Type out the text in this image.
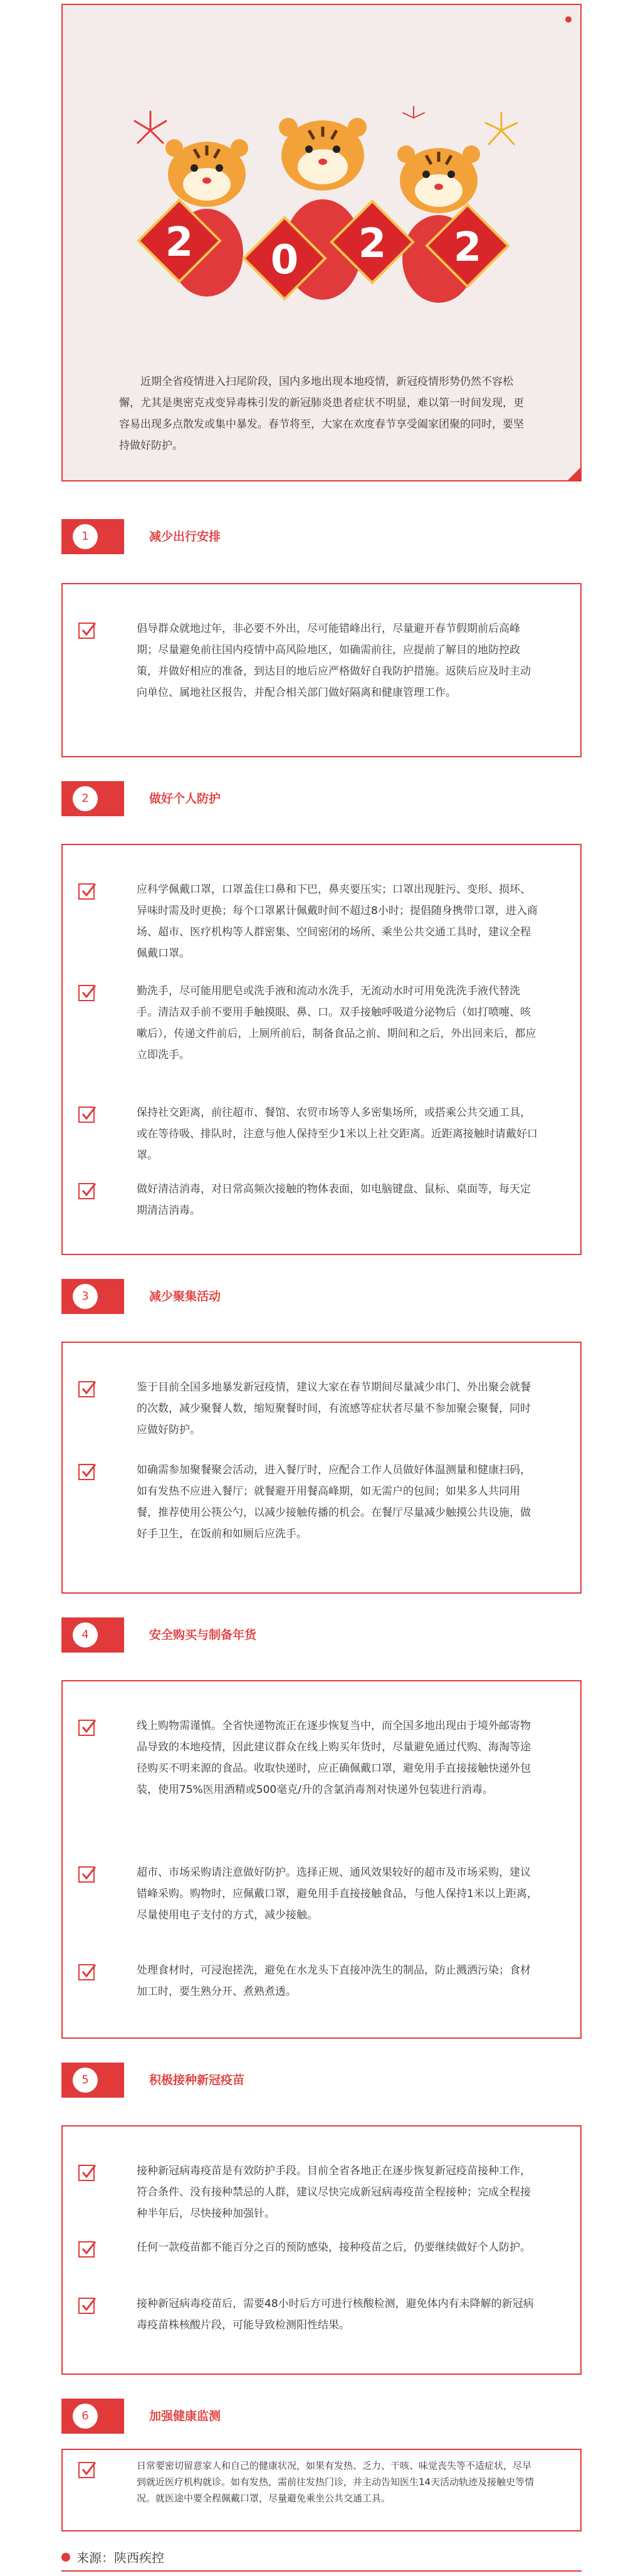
2 0 2 2

近期全省疫情进入扫尾阶段，国内多地出现本地疫情，新冠疫情形势仍然不容松懈，尤其是奥密克戎变异毒株引发的新冠肺炎患者症状不明显，难以第一时间发现，更容易出现多点散发或集中暴发。春节将至，大家在欢度春节享受阖家团聚的同时，要坚持做好防护。

1	减少出行安排

倡导群众就地过年，非必要不外出，尽可能错峰出行，尽量避开春节假期前后高峰期；尽量避免前往国内疫情中高风险地区，如确需前往，应提前了解目的地防控政策，并做好相应的准备，到达目的地后应严格做好自我防护措施。返陕后应及时主动向单位、属地社区报告，并配合相关部门做好隔离和健康管理工作。

2	做好个人防护

应科学佩戴口罩，口罩盖住口鼻和下巴，鼻夹要压实；口罩出现脏污、变形、损坏、异味时需及时更换；每个口罩累计佩戴时间不超过8小时；提倡随身携带口罩，进入商场、超市、医疗机构等人群密集、空间密闭的场所、乘坐公共交通工具时，建议全程佩戴口罩。

勤洗手，尽可能用肥皂或洗手液和流动水洗手，无流动水时可用免洗洗手液代替洗手。清洁双手前不要用手触摸眼、鼻、口。双手接触呼吸道分泌物后（如打喷嚏、咳嗽后），传递文件前后，上厕所前后，制备食品之前、期间和之后，外出回来后，都应立即洗手。

保持社交距离，前往超市、餐馆、农贸市场等人多密集场所，或搭乘公共交通工具，或在等待吸、排队时，注意与他人保持至少1米以上社交距离。近距离接触时请戴好口罩。

做好清洁消毒，对日常高频次接触的物体表面，如电脑键盘、鼠标、桌面等，每天定期清洁消毒。

3	减少聚集活动

鉴于目前全国多地暴发新冠疫情，建议大家在春节期间尽量减少串门、外出聚会就餐的次数，减少聚餐人数，缩短聚餐时间，有流感等症状者尽量不参加聚会聚餐，同时应做好防护。

如确需参加聚餐聚会活动，进入餐厅时，应配合工作人员做好体温测量和健康扫码，如有发热不应进入餐厅；就餐避开用餐高峰期，如无需户的包间；如果多人共同用餐，推荐使用公筷公勺，以减少接触传播的机会。在餐厅尽量减少触摸公共设施，做好手卫生，在饭前和如厕后应洗手。

4	安全购买与制备年货

线上购物需谨慎。全省快递物流正在逐步恢复当中，而全国多地出现由于境外邮寄物品导致的本地疫情，因此建议群众在线上购买年货时，尽量避免通过代购、海淘等途径购买不明来源的食品。收取快递时，应正确佩戴口罩，避免用手直接接触快递外包装，使用75%医用酒精或500毫克/升的含氯消毒剂对快递外包装进行消毒。

超市、市场采购请注意做好防护。选择正规、通风效果较好的超市及市场采购，建议错峰采购。购物时，应佩戴口罩，避免用手直接接触食品，与他人保持1米以上距离，尽量使用电子支付的方式，减少接触。

处理食材时，可浸泡搓洗，避免在水龙头下直接冲洗生的制品，防止溅洒污染；食材加工时，要生熟分开、煮熟煮透。

5	积极接种新冠疫苗

接种新冠病毒疫苗是有效防护手段。目前全省各地正在逐步恢复新冠疫苗接种工作，符合条件、没有接种禁忌的人群，建议尽快完成新冠病毒疫苗全程接种；完成全程接种半年后，尽快接种加强针。

任何一款疫苗都不能百分之百的预防感染，接种疫苗之后，仍要继续做好个人防护。

接种新冠病毒疫苗后，需要48小时后方可进行核酸检测，避免体内有未降解的新冠病毒疫苗株核酸片段，可能导致检测阳性结果。

6	加强健康监测

日常要密切留意家人和自己的健康状况，如果有发热、乏力、干咳、味觉丧失等不适症状，尽早到就近医疗机构就诊。如有发热，需前往发热门诊，并主动告知医生14天活动轨迹及接触史等情况。就医途中要全程佩戴口罩，尽量避免乘坐公共交通工具。

来源：陕西疾控
